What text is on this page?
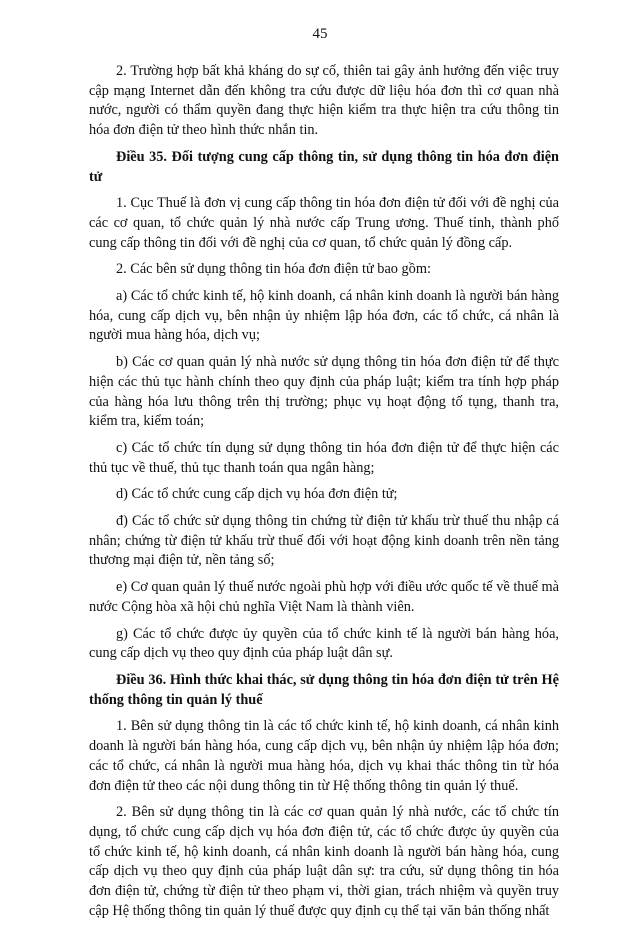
45

2. Trường hợp bất khả kháng do sự cố, thiên tai gây ảnh hưởng đến việc truy cập mạng Internet dẫn đến không tra cứu được dữ liệu hóa đơn thì cơ quan nhà nước, người có thẩm quyền đang thực hiện kiểm tra thực hiện tra cứu thông tin hóa đơn điện tử theo hình thức nhắn tin.

Điều 35. Đối tượng cung cấp thông tin, sử dụng thông tin hóa đơn điện tử

1. Cục Thuế là đơn vị cung cấp thông tin hóa đơn điện tử đối với đề nghị của các cơ quan, tổ chức quản lý nhà nước cấp Trung ương. Thuế tỉnh, thành phố cung cấp thông tin đối với đề nghị của cơ quan, tổ chức quản lý đồng cấp.

2. Các bên sử dụng thông tin hóa đơn điện tử bao gồm:

a) Các tổ chức kinh tế, hộ kinh doanh, cá nhân kinh doanh là người bán hàng hóa, cung cấp dịch vụ, bên nhận ủy nhiệm lập hóa đơn, các tổ chức, cá nhân là người mua hàng hóa, dịch vụ;

b) Các cơ quan quản lý nhà nước sử dụng thông tin hóa đơn điện tử để thực hiện các thủ tục hành chính theo quy định của pháp luật; kiểm tra tính hợp pháp của hàng hóa lưu thông trên thị trường; phục vụ hoạt động tố tụng, thanh tra, kiểm tra, kiểm toán;

c) Các tổ chức tín dụng sử dụng thông tin hóa đơn điện tử để thực hiện các thủ tục về thuế, thủ tục thanh toán qua ngân hàng;

d) Các tổ chức cung cấp dịch vụ hóa đơn điện tử;

đ) Các tổ chức sử dụng thông tin chứng từ điện tử khấu trừ thuế thu nhập cá nhân; chứng từ điện tử khấu trừ thuế đối với hoạt động kinh doanh trên nền tảng thương mại điện tử, nền tảng số;

e) Cơ quan quản lý thuế nước ngoài phù hợp với điều ước quốc tế về thuế mà nước Cộng hòa xã hội chủ nghĩa Việt Nam là thành viên.

g) Các tổ chức được ủy quyền của tổ chức kinh tế là người bán hàng hóa, cung cấp dịch vụ theo quy định của pháp luật dân sự.

Điều 36. Hình thức khai thác, sử dụng thông tin hóa đơn điện tử trên Hệ thống thông tin quản lý thuế

1. Bên sử dụng thông tin là các tổ chức kinh tế, hộ kinh doanh, cá nhân kinh doanh là người bán hàng hóa, cung cấp dịch vụ, bên nhận ủy nhiệm lập hóa đơn; các tổ chức, cá nhân là người mua hàng hóa, dịch vụ khai thác thông tin từ hóa đơn điện tử theo các nội dung thông tin từ Hệ thống thông tin quản lý thuế.

2. Bên sử dụng thông tin là các cơ quan quản lý nhà nước, các tổ chức tín dụng, tổ chức cung cấp dịch vụ hóa đơn điện tử, các tổ chức được ủy quyền của tổ chức kinh tế, hộ kinh doanh, cá nhân kinh doanh là người bán hàng hóa, cung cấp dịch vụ theo quy định của pháp luật dân sự: tra cứu, sử dụng thông tin hóa đơn điện tử, chứng từ điện tử theo phạm vi, thời gian, trách nhiệm và quyền truy cập Hệ thống thông tin quản lý thuế được quy định cụ thể tại văn bản thống nhất
